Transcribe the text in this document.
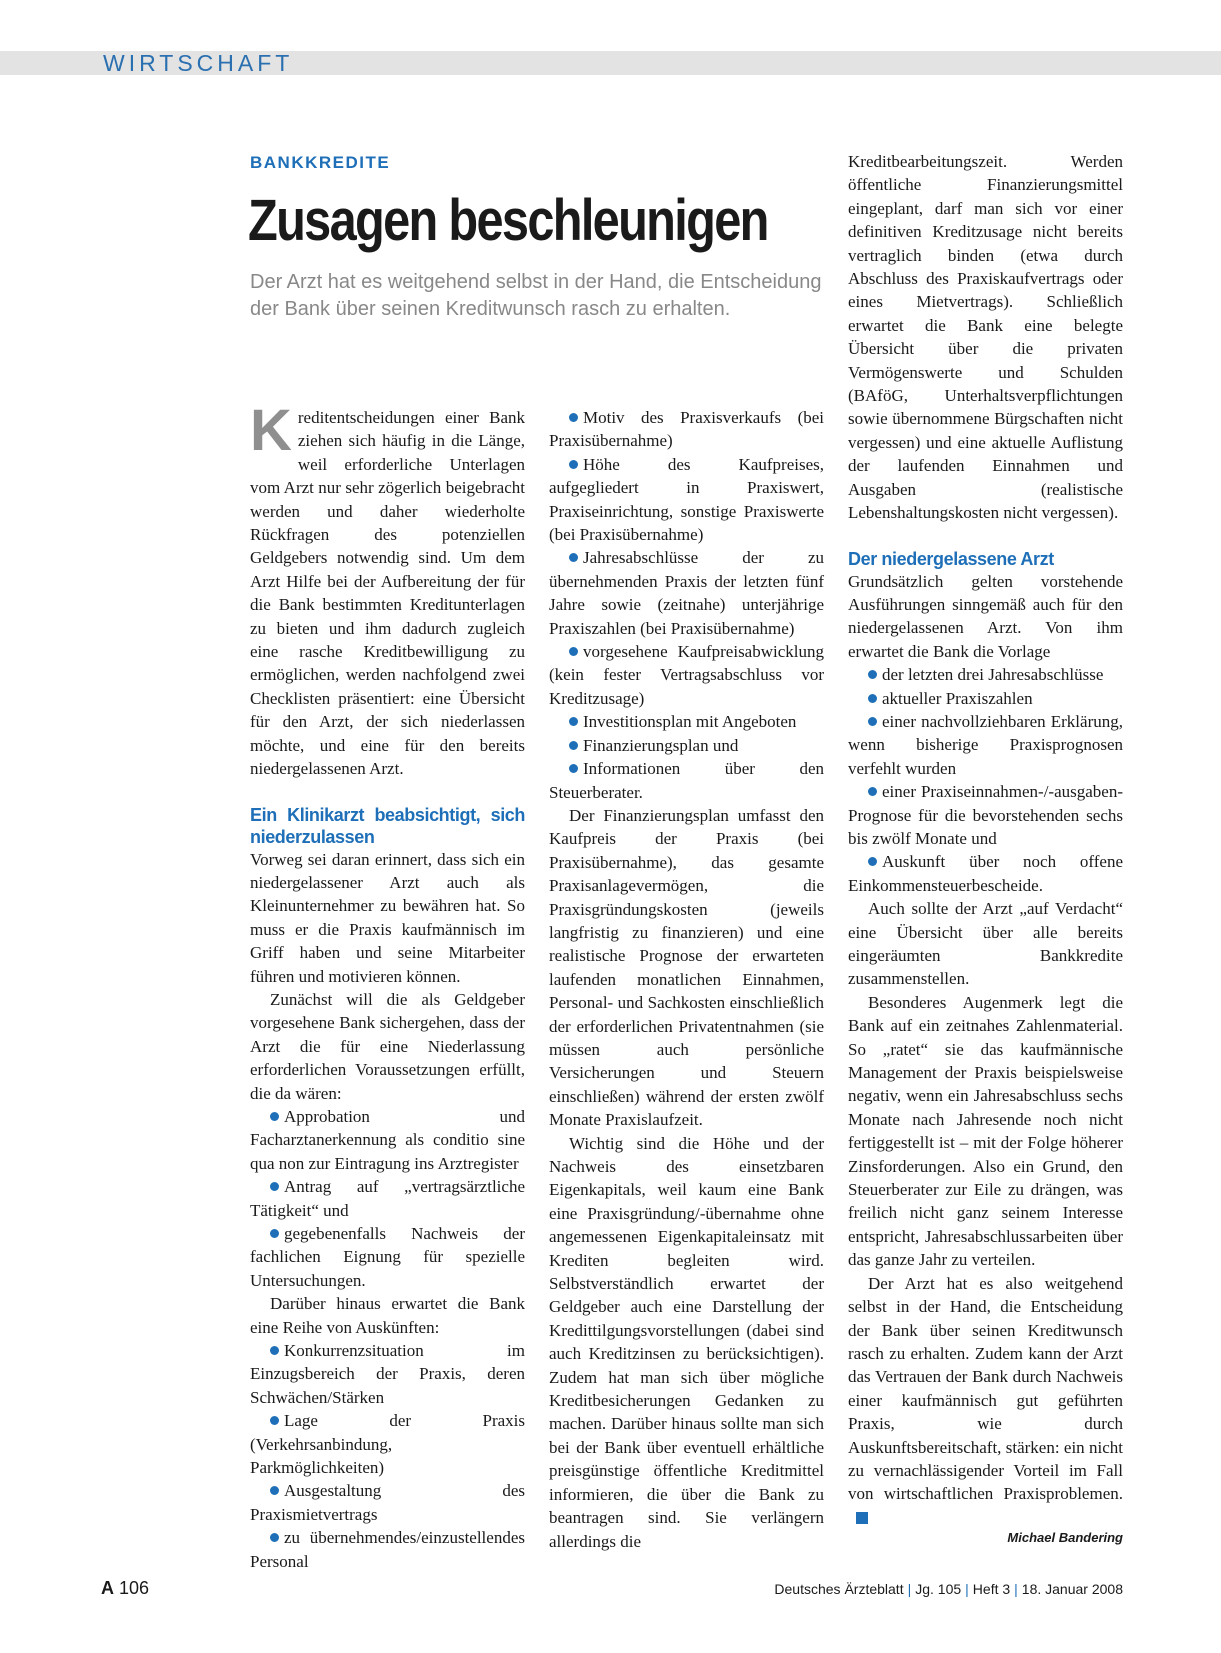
WIRTSCHAFT
BANKKREDITE
Zusagen beschleunigen
Der Arzt hat es weitgehend selbst in der Hand, die Entscheidung der Bank über seinen Kreditwunsch rasch zu erhalten.

Kreditentscheidungen einer Bank ziehen sich häufig in die Länge, weil erforderliche Unterlagen vom Arzt nur sehr zögerlich beigebracht werden und daher wiederholte Rückfragen des potenziellen Geldgebers notwendig sind. Um dem Arzt Hilfe bei der Aufbereitung der für die Bank bestimmten Kreditunterlagen zu bieten und ihm dadurch zugleich eine rasche Kreditbewilligung zu ermöglichen, werden nachfolgend zwei Checklisten präsentiert: eine Übersicht für den Arzt, der sich niederlassen möchte, und eine für den bereits niedergelassenen Arzt.

Ein Klinikarzt beabsichtigt, sich niederzulassen

Vorweg sei daran erinnert, dass sich ein niedergelassener Arzt auch als Kleinunternehmer zu bewähren hat. So muss er die Praxis kaufmännisch im Griff haben und seine Mitarbeiter führen und motivieren können.

Zunächst will die als Geldgeber vorgesehene Bank sichergehen, dass der Arzt die für eine Niederlassung erforderlichen Voraussetzungen erfüllt, die da wären:

Approbation und Facharztanerkennung als conditio sine qua non zur Eintragung ins Arztregister

Antrag auf „vertragsärztliche Tätigkeit“ und

gegebenenfalls Nachweis der fachlichen Eignung für spezielle Untersuchungen.

Darüber hinaus erwartet die Bank eine Reihe von Auskünften:

Konkurrenzsituation im Einzugsbereich der Praxis, deren Schwächen/Stärken

Lage der Praxis (Verkehrsanbindung, Parkmöglichkeiten)

Ausgestaltung des Praxismietvertrags

zu übernehmendes/einzustellendes Personal

Motiv des Praxisverkaufs (bei Praxisübernahme)

Höhe des Kaufpreises, aufgegliedert in Praxiswert, Praxiseinrichtung, sonstige Praxiswerte (bei Praxisübernahme)

Jahresabschlüsse der zu übernehmenden Praxis der letzten fünf Jahre sowie (zeitnahe) unterjährige Praxiszahlen (bei Praxisübernahme)

vorgesehene Kaufpreisabwicklung (kein fester Vertragsabschluss vor Kreditzusage)

Investitionsplan mit Angeboten

Finanzierungsplan und

Informationen über den Steuerberater.

Der Finanzierungsplan umfasst den Kaufpreis der Praxis (bei Praxisübernahme), das gesamte Praxisanlagevermögen, die Praxisgründungskosten (jeweils langfristig zu finanzieren) und eine realistische Prognose der erwarteten laufenden monatlichen Einnahmen, Personal- und Sachkosten einschließlich der erforderlichen Privatentnahmen (sie müssen auch persönliche Versicherungen und Steuern einschließen) während der ersten zwölf Monate Praxislaufzeit.

Wichtig sind die Höhe und der Nachweis des einsetzbaren Eigenkapitals, weil kaum eine Bank eine Praxisgründung/-übernahme ohne angemessenen Eigenkapitaleinsatz mit Krediten begleiten wird. Selbstverständlich erwartet der Geldgeber auch eine Darstellung der Kredittilgungsvorstellungen (dabei sind auch Kreditzinsen zu berücksichtigen). Zudem hat man sich über mögliche Kreditbesicherungen Gedanken zu machen. Darüber hinaus sollte man sich bei der Bank über eventuell erhältliche preisgünstige öffentliche Kreditmittel informieren, die über die Bank zu beantragen sind. Sie verlängern allerdings die

Kreditbearbeitungszeit. Werden öffentliche Finanzierungsmittel eingeplant, darf man sich vor einer definitiven Kreditzusage nicht bereits vertraglich binden (etwa durch Abschluss des Praxiskaufvertrags oder eines Mietvertrags). Schließlich erwartet die Bank eine belegte Übersicht über die privaten Vermögenswerte und Schulden (BAföG, Unterhaltsverpflichtungen sowie übernommene Bürgschaften nicht vergessen) und eine aktuelle Auflistung der laufenden Einnahmen und Ausgaben (realistische Lebenshaltungskosten nicht vergessen).

Der niedergelassene Arzt

Grundsätzlich gelten vorstehende Ausführungen sinngemäß auch für den niedergelassenen Arzt. Von ihm erwartet die Bank die Vorlage

der letzten drei Jahresabschlüsse

aktueller Praxiszahlen

einer nachvollziehbaren Erklärung, wenn bisherige Praxisprognosen verfehlt wurden

einer Praxiseinnahmen-/-ausgaben-Prognose für die bevorstehenden sechs bis zwölf Monate und

Auskunft über noch offene Einkommensteuerbescheide.

Auch sollte der Arzt „auf Verdacht“ eine Übersicht über alle bereits eingeräumten Bankkredite zusammenstellen.

Besonderes Augenmerk legt die Bank auf ein zeitnahes Zahlenmaterial. So „ratet“ sie das kaufmännische Management der Praxis beispielsweise negativ, wenn ein Jahresabschluss sechs Monate nach Jahresende noch nicht fertiggestellt ist – mit der Folge höherer Zinsforderungen. Also ein Grund, den Steuerberater zur Eile zu drängen, was freilich nicht ganz seinem Interesse entspricht, Jahresabschlussarbeiten über das ganze Jahr zu verteilen.

Der Arzt hat es also weitgehend selbst in der Hand, die Entscheidung der Bank über seinen Kreditwunsch rasch zu erhalten. Zudem kann der Arzt das Vertrauen der Bank durch Nachweis einer kaufmännisch gut geführten Praxis, wie durch Auskunftsbereitschaft, stärken: ein nicht zu vernachlässigender Vorteil im Fall von wirtschaftlichen Praxisproblemen.

Michael Bandering

A 106	Deutsches Ärzteblatt | Jg. 105 | Heft 3 | 18. Januar 2008
